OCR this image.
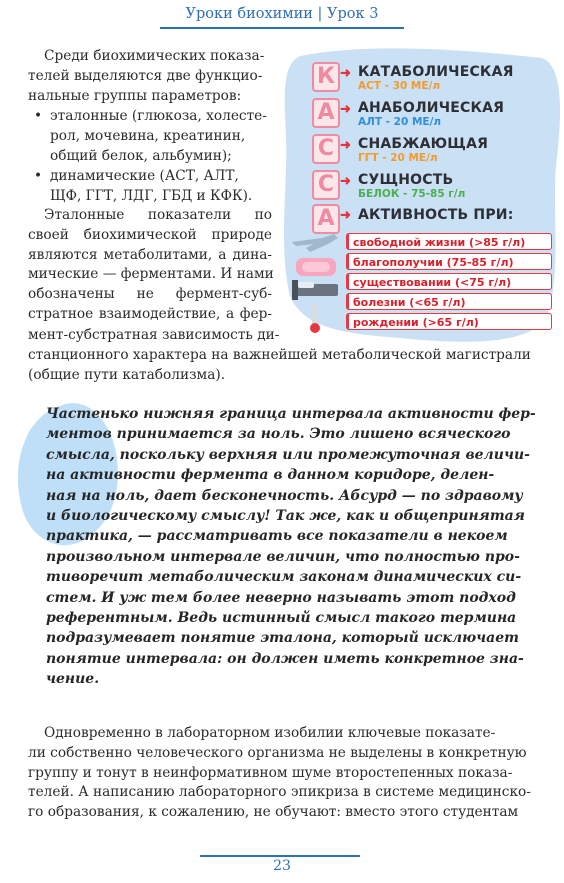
Уроки биохимии | Урок 3
Среди биохимических показа-
телей выделяются две функцио-
нальные группы параметров:
• эталонные (глюкоза, холесте-
рол, мочевина, креатинин,
общий белок, альбумин);
• динамические (АСТ, АЛТ,
ЩФ, ГГТ, ЛДГ, ГБД и КФК).
Эталонные показатели по
своей биохимической природе
являются метаболитами, а дина-
мические — ферментами. И нами
обозначены не фермент-суб-
стратное взаимодействие, а фер-
мент-субстратная зависимость ди-
станционного характера на важнейшей метаболической магистрали
(общие пути катаболизма).
К ➜ КАТАБОЛИЧЕСКАЯ
АСТ - 30 МЕ/л
А ➜ АНАБОЛИЧЕСКАЯ
АЛТ - 20 МЕ/л
С ➜ СНАБЖАЮЩАЯ
ГГТ - 20 МЕ/л
С ➜ СУЩНОСТЬ
БЕЛОК - 75-85 г/л
А ➜ АКТИВНОСТЬ ПРИ:
свободной жизни (>85 г/л)
благополучии (75-85 г/л)
существовании (<75 г/л)
болезни (<65 г/л)
рождении (>65 г/л)
Частенько нижняя граница интервала активности фер-
ментов принимается за ноль. Это лишено всяческого
смысла, поскольку верхняя или промежуточная величи-
на активности фермента в данном коридоре, делен-
ная на ноль, дает бесконечность. Абсурд — по здравому
и биологическому смыслу! Так же, как и общепринятая
практика, — рассматривать все показатели в некоем
произвольном интервале величин, что полностью про-
тиворечит метаболическим законам динамических си-
стем. И уж тем более неверно называть этот подход
референтным. Ведь истинный смысл такого термина
подразумевает понятие эталона, который исключает
понятие интервала: он должен иметь конкретное зна-
чение.
Одновременно в лабораторном изобилии ключевые показате-
ли собственно человеческого организма не выделены в конкретную
группу и тонут в неинформативном шуме второстепенных показа-
телей. А написанию лабораторного эпикриза в системе медицинско-
го образования, к сожалению, не обучают: вместо этого студентам
23
